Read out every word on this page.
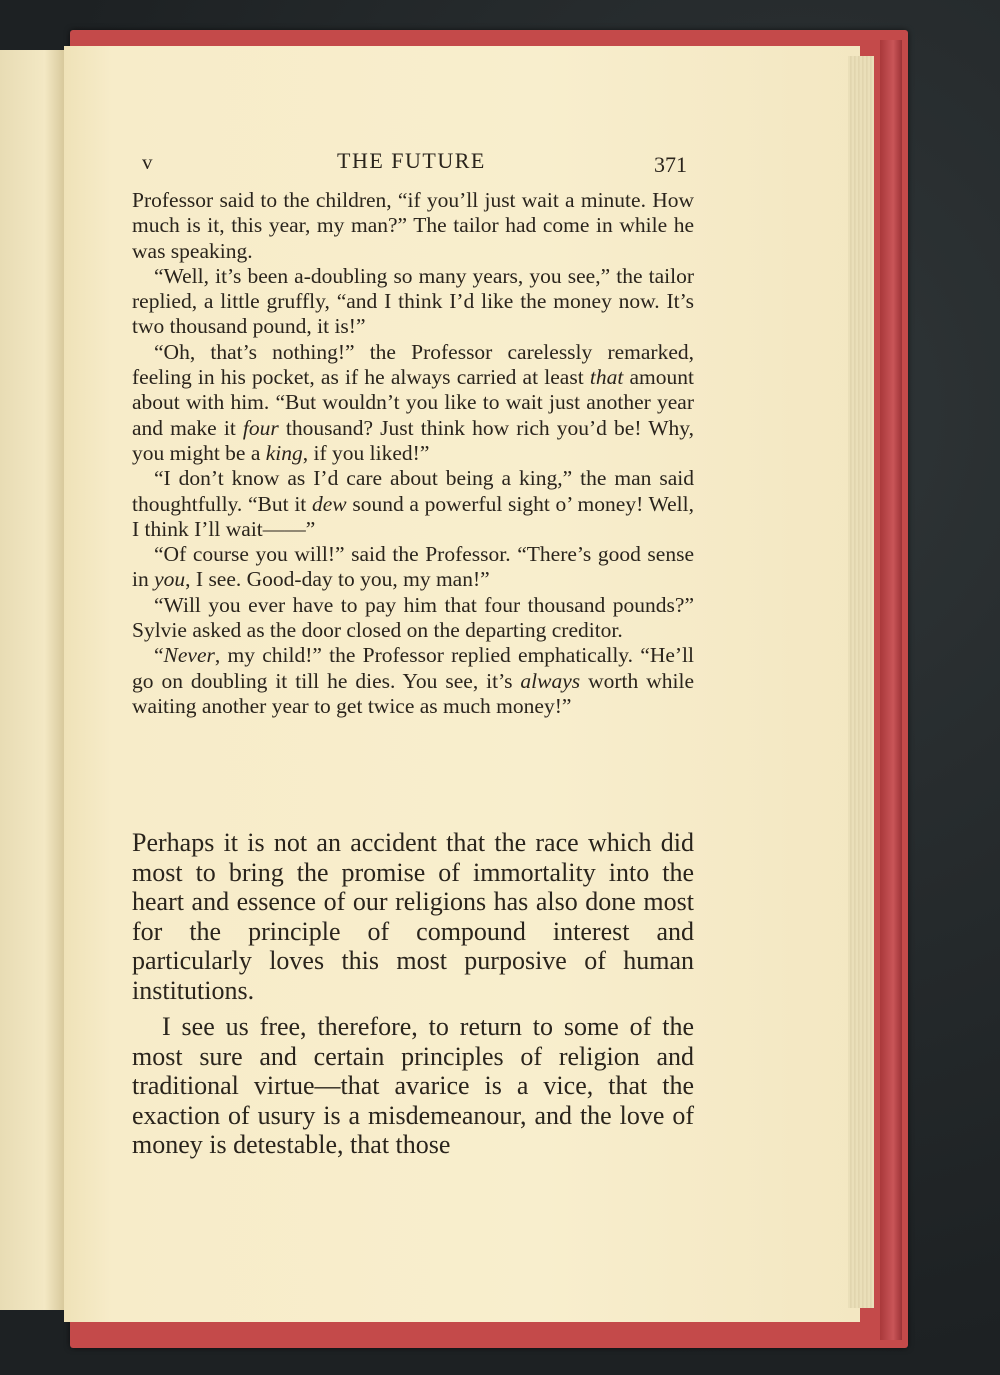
v	THE FUTURE	371

Professor said to the children, “if you’ll just wait a minute. How much is it, this year, my man?” The tailor had come in while he was speaking.

“Well, it’s been a-doubling so many years, you see,” the tailor replied, a little gruffly, “and I think I’d like the money now. It’s two thousand pound, it is!”

“Oh, that’s nothing!” the Professor carelessly remarked, feeling in his pocket, as if he always carried at least that amount about with him. “But wouldn’t you like to wait just another year and make it four thousand? Just think how rich you’d be! Why, you might be a king, if you liked!”

“I don’t know as I’d care about being a king,” the man said thoughtfully. “But it dew sound a powerful sight o’ money! Well, I think I’ll wait——”

“Of course you will!” said the Professor. “There’s good sense in you, I see. Good-day to you, my man!”

“Will you ever have to pay him that four thousand pounds?” Sylvie asked as the door closed on the departing creditor.

“Never, my child!” the Professor replied emphatically. “He’ll go on doubling it till he dies. You see, it’s always worth while waiting another year to get twice as much money!”

Perhaps it is not an accident that the race which did most to bring the promise of immortality into the heart and essence of our religions has also done most for the principle of compound interest and particularly loves this most purposive of human institutions.

I see us free, therefore, to return to some of the most sure and certain principles of religion and traditional virtue—that avarice is a vice, that the exaction of usury is a misdemeanour, and the love of money is detestable, that those
